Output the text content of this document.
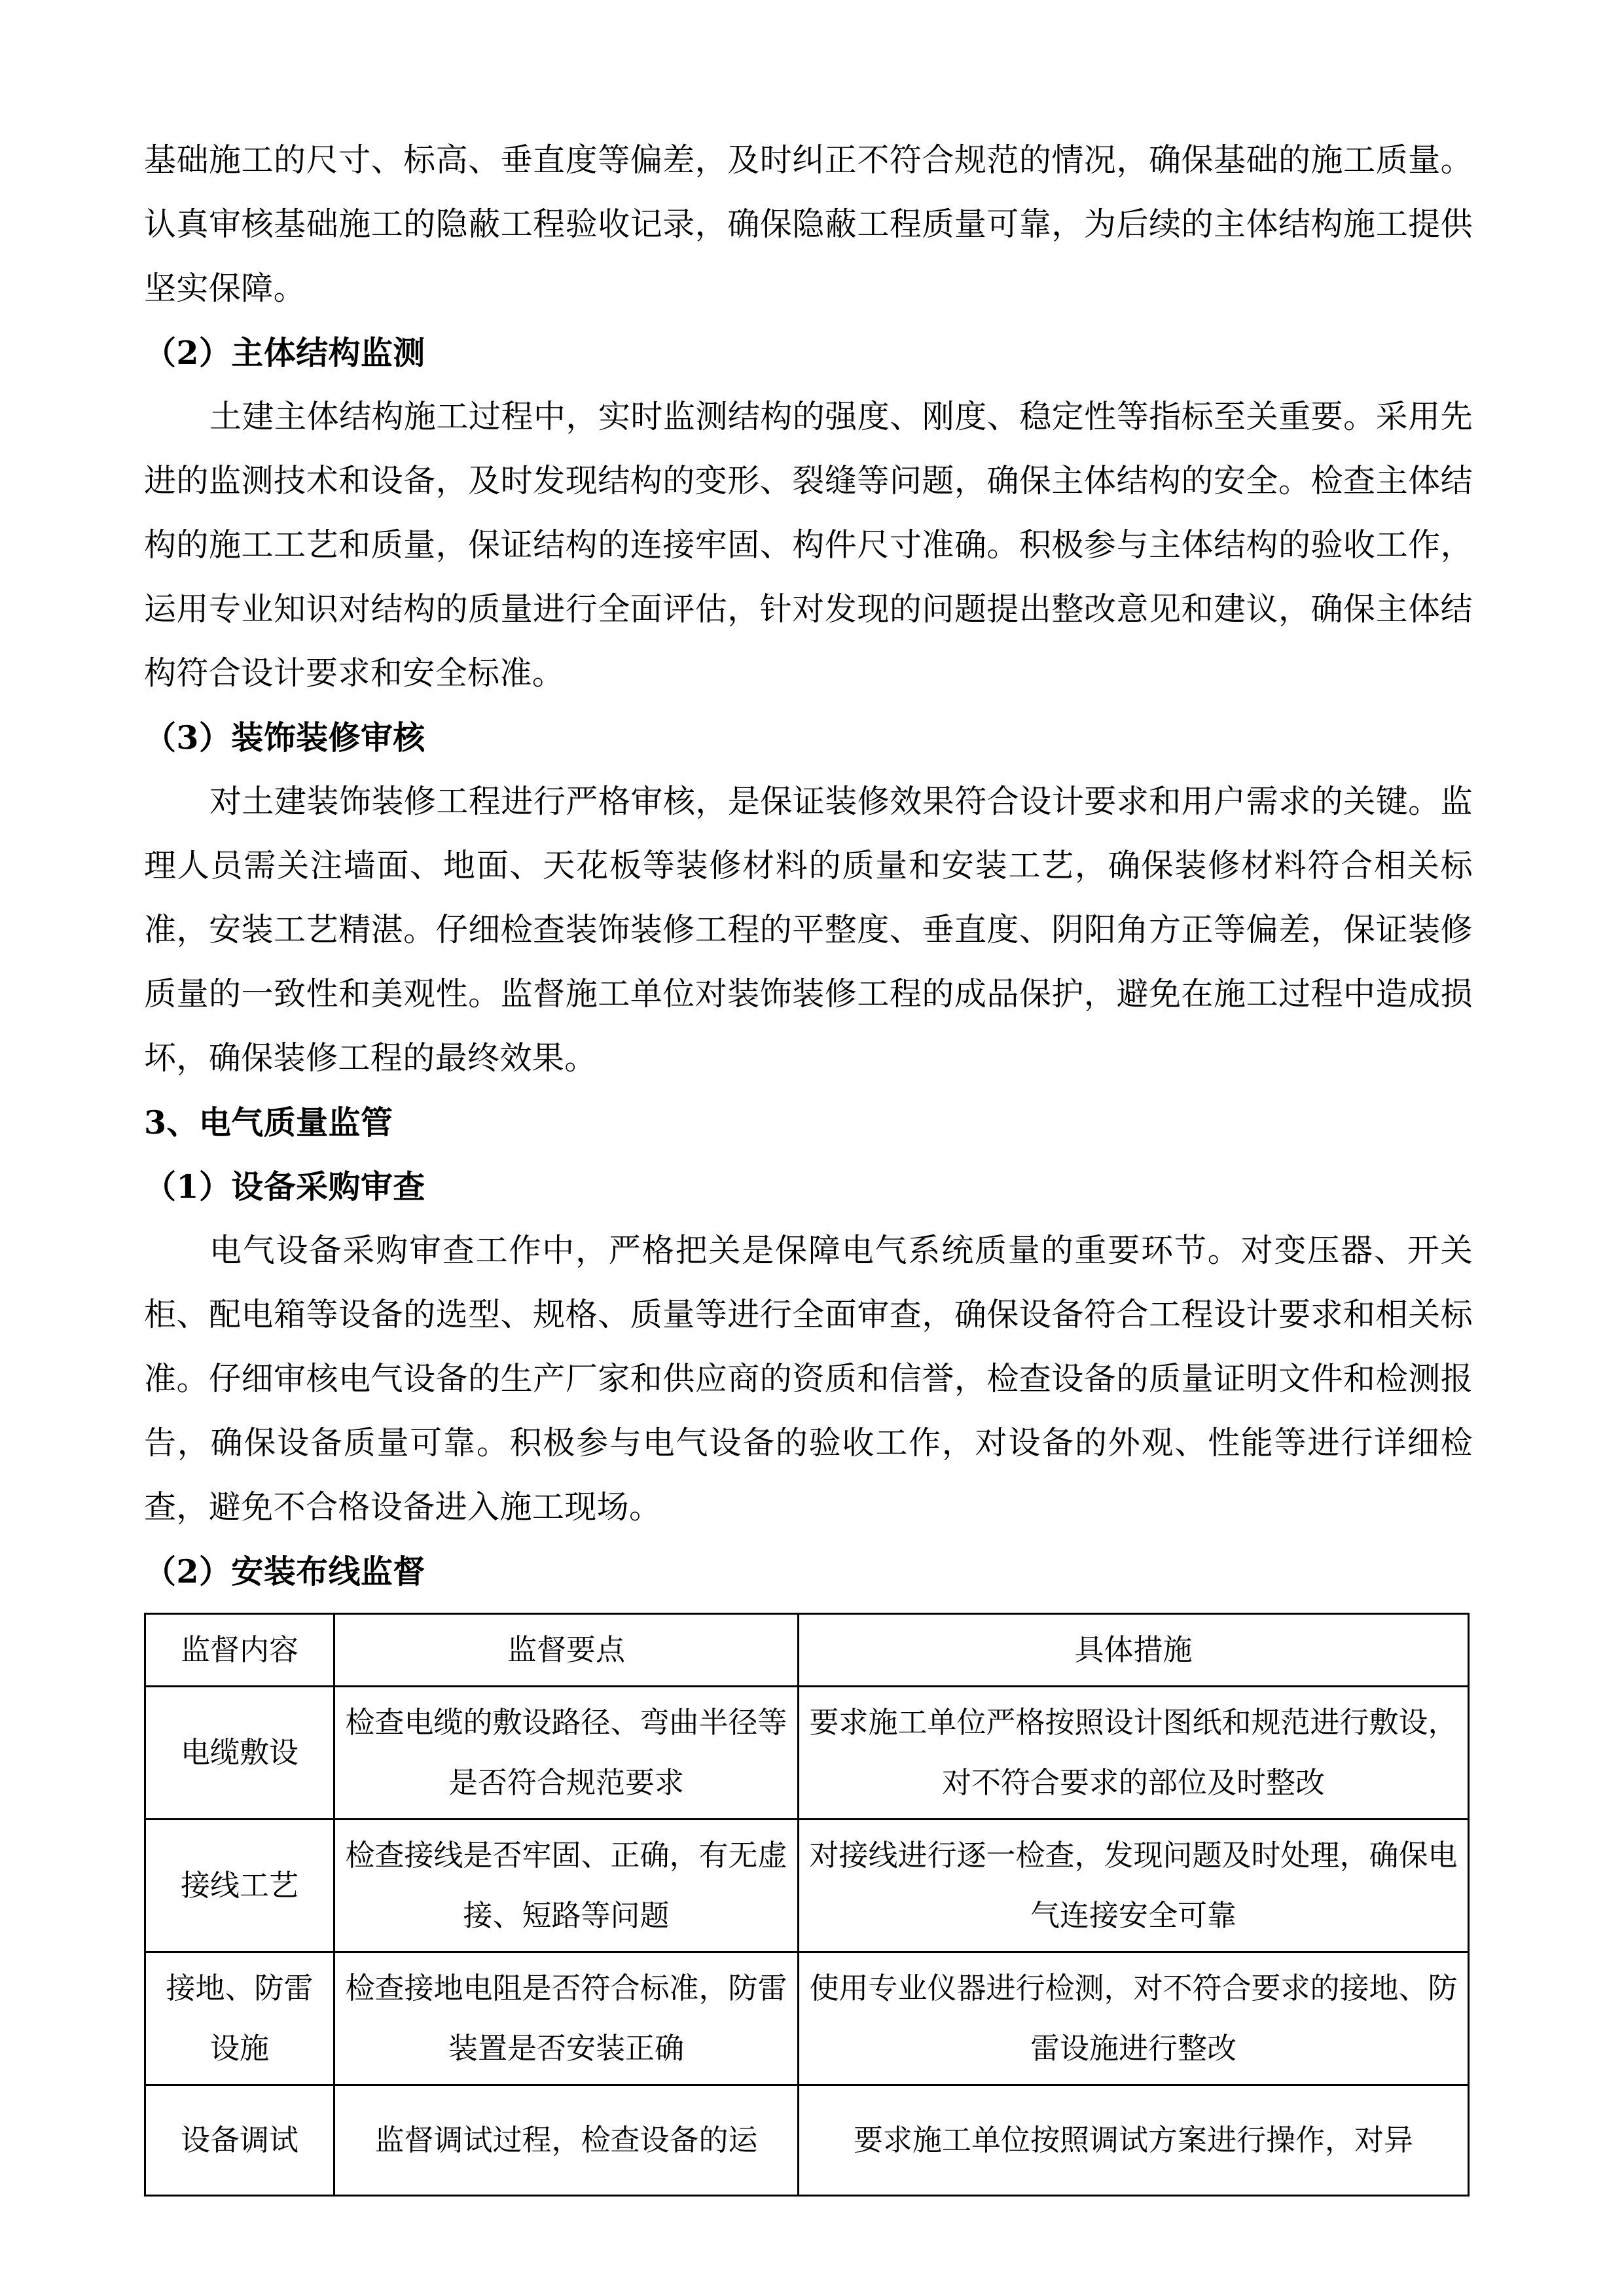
基础施工的尺寸、标高、垂直度等偏差，及时纠正不符合规范的情况，确保基础的施工质量。认真审核基础施工的隐蔽工程验收记录，确保隐蔽工程质量可靠，为后续的主体结构施工提供坚实保障。

（2）主体结构监测

土建主体结构施工过程中，实时监测结构的强度、刚度、稳定性等指标至关重要。采用先进的监测技术和设备，及时发现结构的变形、裂缝等问题，确保主体结构的安全。检查主体结构的施工工艺和质量，保证结构的连接牢固、构件尺寸准确。积极参与主体结构的验收工作，运用专业知识对结构的质量进行全面评估，针对发现的问题提出整改意见和建议，确保主体结构符合设计要求和安全标准。

（3）装饰装修审核

对土建装饰装修工程进行严格审核，是保证装修效果符合设计要求和用户需求的关键。监理人员需关注墙面、地面、天花板等装修材料的质量和安装工艺，确保装修材料符合相关标准，安装工艺精湛。仔细检查装饰装修工程的平整度、垂直度、阴阳角方正等偏差，保证装修质量的一致性和美观性。监督施工单位对装饰装修工程的成品保护，避免在施工过程中造成损坏，确保装修工程的最终效果。

3、电气质量监管

（1）设备采购审查

电气设备采购审查工作中，严格把关是保障电气系统质量的重要环节。对变压器、开关柜、配电箱等设备的选型、规格、质量等进行全面审查，确保设备符合工程设计要求和相关标准。仔细审核电气设备的生产厂家和供应商的资质和信誉，检查设备的质量证明文件和检测报告，确保设备质量可靠。积极参与电气设备的验收工作，对设备的外观、性能等进行详细检查，避免不合格设备进入施工现场。

（2）安装布线监督

监督内容	监督要点	具体措施
电缆敷设	检查电缆的敷设路径、弯曲半径等是否符合规范要求	要求施工单位严格按照设计图纸和规范进行敷设，对不符合要求的部位及时整改
接线工艺	检查接线是否牢固、正确，有无虚接、短路等问题	对接线进行逐一检查，发现问题及时处理，确保电气连接安全可靠
接地、防雷设施	检查接地电阻是否符合标准，防雷装置是否安装正确	使用专业仪器进行检测，对不符合要求的接地、防雷设施进行整改
设备调试	监督调试过程，检查设备的运	要求施工单位按照调试方案进行操作，对异
